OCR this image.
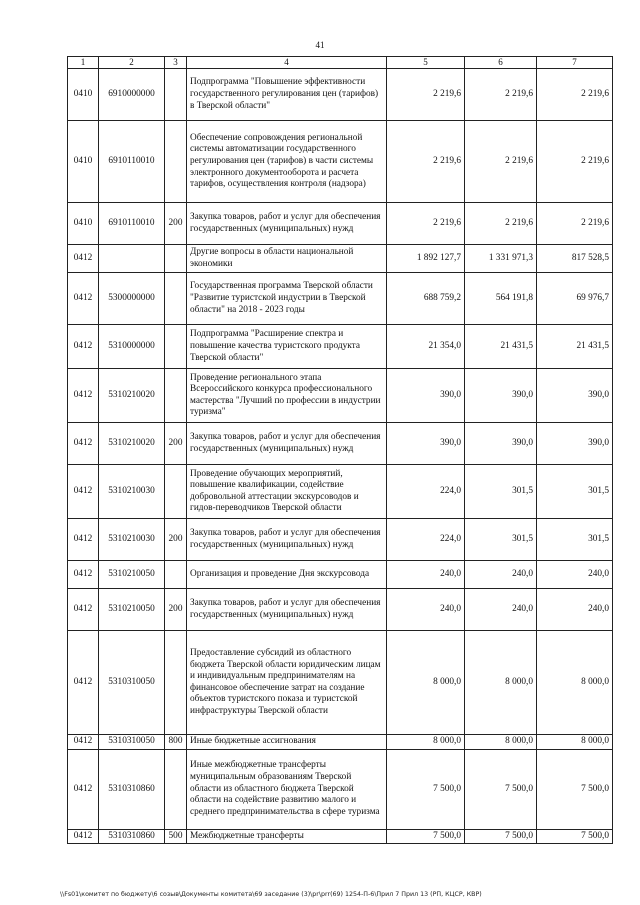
41
1	2	3	4	5	6	7
0410	6910000000		Подпрограмма "Повышение эффективности государственного регулирования цен (тарифов) в Тверской области"	2 219,6	2 219,6	2 219,6
0410	6910110010		Обеспечение сопровождения региональной системы автоматизации государственного регулирования цен (тарифов) в части системы электронного документооборота и расчета тарифов, осуществления контроля (надзора)	2 219,6	2 219,6	2 219,6
0410	6910110010	200	Закупка товаров, работ и услуг для обеспечения государственных (муниципальных) нужд	2 219,6	2 219,6	2 219,6
0412			Другие вопросы в области национальной экономики	1 892 127,7	1 331 971,3	817 528,5
0412	5300000000		Государственная программа Тверской области "Развитие туристской индустрии в Тверской области" на 2018 - 2023 годы	688 759,2	564 191,8	69 976,7
0412	5310000000		Подпрограмма "Расширение спектра и повышение качества туристского продукта Тверской области"	21 354,0	21 431,5	21 431,5
0412	5310210020		Проведение регионального этапа Всероссийского конкурса профессионального мастерства "Лучший по профессии в индустрии туризма"	390,0	390,0	390,0
0412	5310210020	200	Закупка товаров, работ и услуг для обеспечения государственных (муниципальных) нужд	390,0	390,0	390,0
0412	5310210030		Проведение обучающих мероприятий, повышение квалификации, содействие добровольной аттестации экскурсоводов и гидов-переводчиков Тверской области	224,0	301,5	301,5
0412	5310210030	200	Закупка товаров, работ и услуг для обеспечения государственных (муниципальных) нужд	224,0	301,5	301,5
0412	5310210050		Организация и проведение Дня экскурсовода	240,0	240,0	240,0
0412	5310210050	200	Закупка товаров, работ и услуг для обеспечения государственных (муниципальных) нужд	240,0	240,0	240,0
0412	5310310050		Предоставление субсидий из областного бюджета Тверской области юридическим лицам и индивидуальным предпринимателям на финансовое обеспечение затрат на создание объектов туристского показа и туристской инфраструктуры Тверской области	8 000,0	8 000,0	8 000,0
0412	5310310050	800	Иные бюджетные ассигнования	8 000,0	8 000,0	8 000,0
0412	5310310860		Иные межбюджетные трансферты муниципальным образованиям Тверской области из областного бюджета Тверской области на содействие развитию малого и среднего предпринимательства в сфере туризма	7 500,0	7 500,0	7 500,0
0412	5310310860	500	Межбюджетные трансферты	7 500,0	7 500,0	7 500,0
\\Fs01\комитет по бюджету\6 созыв\Документы комитета\69 заседание (3)\pr\prr(69) 1254-П-6\Прил 7 Прил 13 (РП, КЦСР, КВР)
